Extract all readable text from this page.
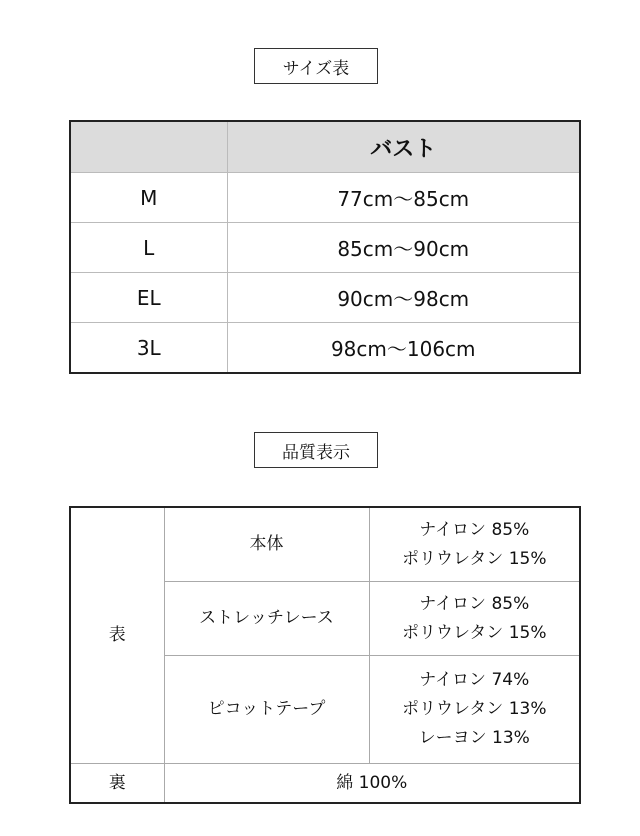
サイズ表
	バスト
M	77cm～85cm
L	85cm～90cm
EL	90cm～98cm
3L	98cm～106cm
品質表示
表	本体	ナイロン 85%
ポリウレタン 15%

	ストレッチレース	ナイロン 85%
ポリウレタン 15%

	ピコットテープ	ナイロン 74%
ポリウレタン 13%
レーヨン 13%

裏	綿 100%	
